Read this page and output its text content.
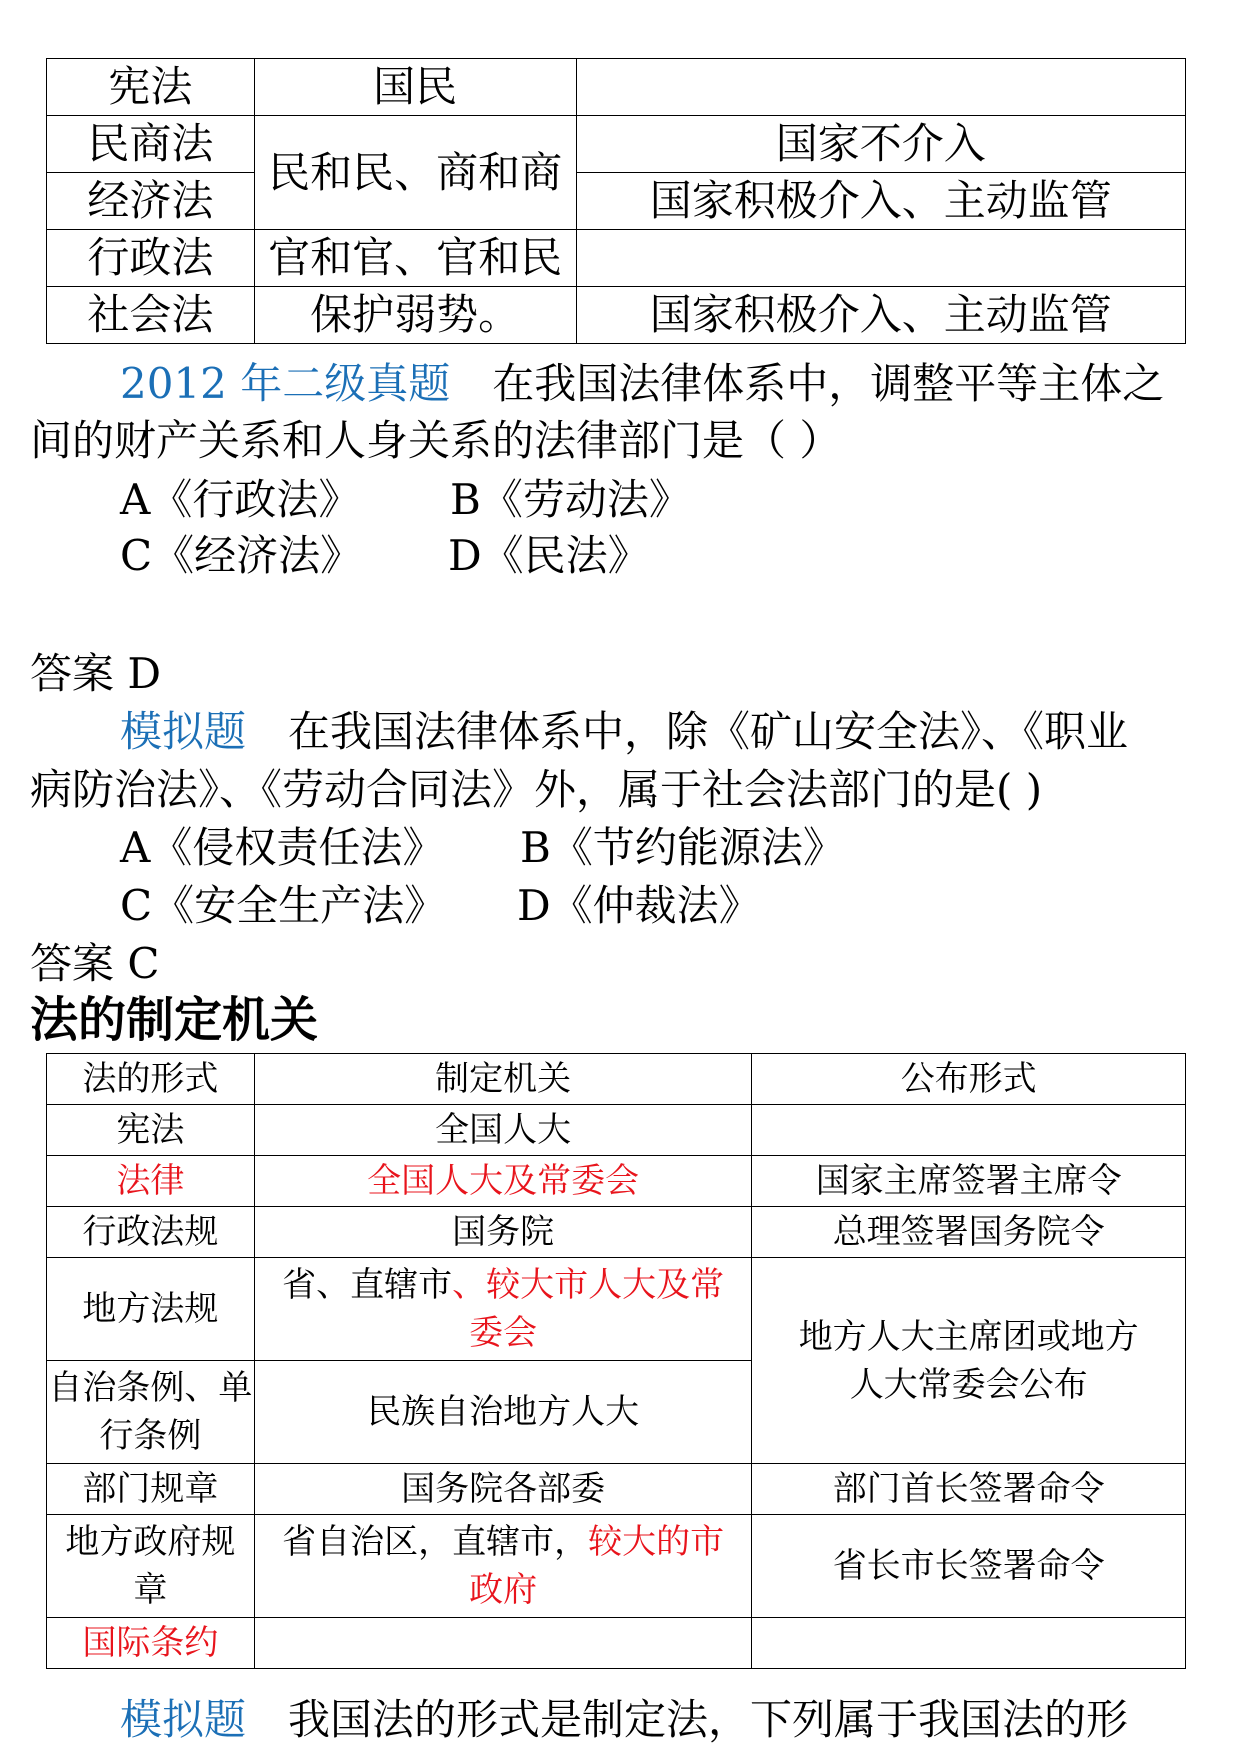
宪法	国民	
民商法	民和民、商和商	国家不介入
经济法		国家积极介入、主动监管
行政法	官和官、官和民	
社会法	保护弱势。	国家积极介入、主动监管
2012 年二级真题　在我国法律体系中，调整平等主体之
间的财产关系和人身关系的法律部门是（ ）
A《行政法》 B《劳动法》
C《经济法》 D《民法》
答案 D
模拟题　在我国法律体系中，除《矿山安全法》、《职业
病防治法》、《劳动合同法》外，属于社会法部门的是( )
A《侵权责任法》 B《节约能源法》
C《安全生产法》 D《仲裁法》
答案 C
法的制定机关
法的形式	制定机关	公布形式
宪法	全国人大	
法律	全国人大及常委会	国家主席签署主席令
行政法规	国务院	总理签署国务院令
地方法规	省、直辖市、较大市人大及常
委会	地方人大主席团或地方
人大常委会公布
自治条例、单
行条例	民族自治地方人大	
部门规章	国务院各部委	部门首长签署命令
地方政府规
章	省自治区，直辖市，较大的市
政府	省长市长签署命令
国际条约		
模拟题　我国法的形式是制定法，下列属于我国法的形
